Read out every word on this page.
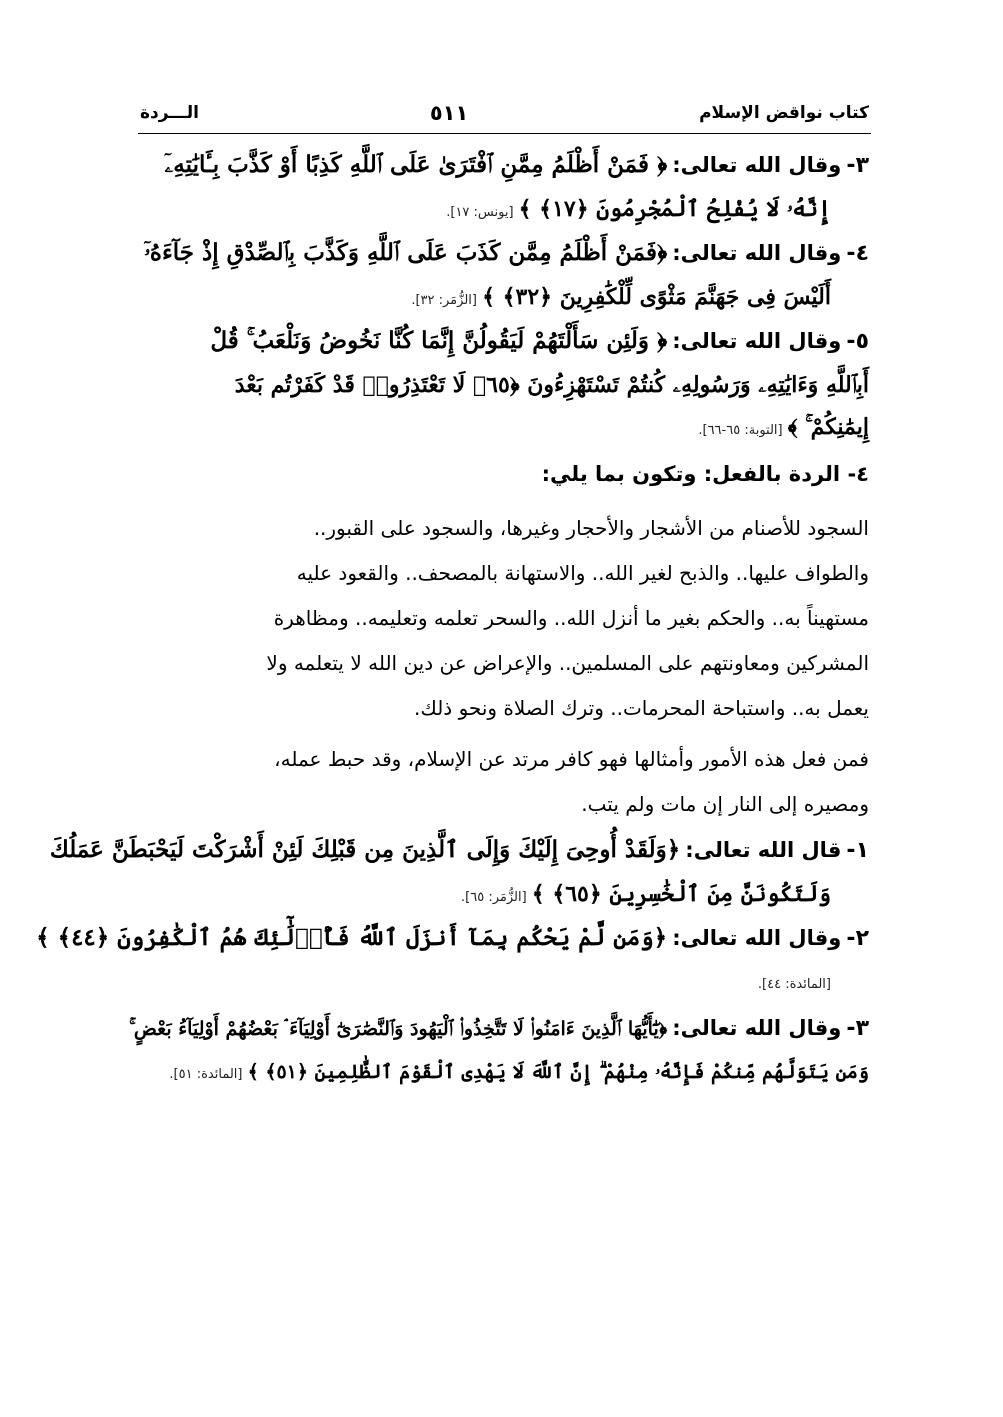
الـــردة	٥١١	كتاب نواقض الإسلام
٣- وقال الله تعالى: ﴿ فَمَنْ أَظْلَمُ مِمَّنِ ٱفْتَرَىٰ عَلَى ٱللَّهِ كَذِبًا أَوْ كَذَّبَ بِـَٔايَٰتِهِۦٓ
إِنَّهُۥ لَا يُفْلِحُ ٱلْمُجْرِمُونَ ﴿١٧﴾ ﴾ [يونس: ١٧].
٤- وقال الله تعالى: ﴿فَمَنْ أَظْلَمُ مِمَّن كَذَبَ عَلَى ٱللَّهِ وَكَذَّبَ بِٱلصِّدْقِ إِذْ جَآءَهُۥٓ
أَلَيْسَ فِى جَهَنَّمَ مَثْوًى لِّلْكَٰفِرِينَ ﴿٣٢﴾ ﴾ [الزُّمَر: ٣٢].
٥- وقال الله تعالى: ﴿ وَلَئِن سَأَلْتَهُمْ لَيَقُولُنَّ إِنَّمَا كُنَّا نَخُوضُ وَنَلْعَبُ ۚ قُلْ
أَبِٱللَّهِ وَءَايَٰتِهِۦ وَرَسُولِهِۦ كُنتُمْ تَسْتَهْزِءُونَ ﴿٦٥﴾ لَا تَعْتَذِرُوا۟ قَدْ كَفَرْتُم بَعْدَ
إِيمَٰنِكُمْ ۚ ﴾ [التوبة: ٦٥-٦٦].
٤- الردة بالفعل: وتكون بما يلي:
السجود للأصنام من الأشجار والأحجار وغيرها، والسجود على القبور..
والطواف عليها.. والذبح لغير الله.. والاستهانة بالمصحف.. والقعود عليه
مستهيناً به.. والحكم بغير ما أنزل الله.. والسحر تعلمه وتعليمه.. ومظاهرة
المشركين ومعاونتهم على المسلمين.. والإعراض عن دين الله لا يتعلمه ولا
يعمل به.. واستباحة المحرمات.. وترك الصلاة ونحو ذلك.
فمن فعل هذه الأمور وأمثالها فهو كافر مرتد عن الإسلام، وقد حبط عمله،
ومصيره إلى النار إن مات ولم يتب.
١- قال الله تعالى: ﴿وَلَقَدْ أُوحِىَ إِلَيْكَ وَإِلَى ٱلَّذِينَ مِن قَبْلِكَ لَئِنْ أَشْرَكْتَ لَيَحْبَطَنَّ عَمَلُكَ
وَلَتَكُونَنَّ مِنَ ٱلْخَٰسِرِينَ ﴿٦٥﴾ ﴾ [الزُّمَر: ٦٥].
٢- وقال الله تعالى: ﴿وَمَن لَّمْ يَحْكُم بِمَآ أَنزَلَ ٱللَّهُ فَأُو۟لَٰٓئِكَ هُمُ ٱلْكَٰفِرُونَ ﴿٤٤﴾ ﴾
[المائدة: ٤٤].
٣- وقال الله تعالى: ﴿يَٰٓأَيُّهَا ٱلَّذِينَ ءَامَنُوا۟ لَا تَتَّخِذُوا۟ ٱلْيَهُودَ وَٱلنَّصَٰرَىٰٓ أَوْلِيَآءَ ۘ بَعْضُهُمْ أَوْلِيَآءُ بَعْضٍ ۚ
وَمَن يَتَوَلَّهُم مِّنكُمْ فَإِنَّهُۥ مِنْهُمْ ۗ إِنَّ ٱللَّهَ لَا يَهْدِى ٱلْقَوْمَ ٱلظَّٰلِمِينَ ﴿٥١﴾ ﴾ [المائدة: ٥١].
